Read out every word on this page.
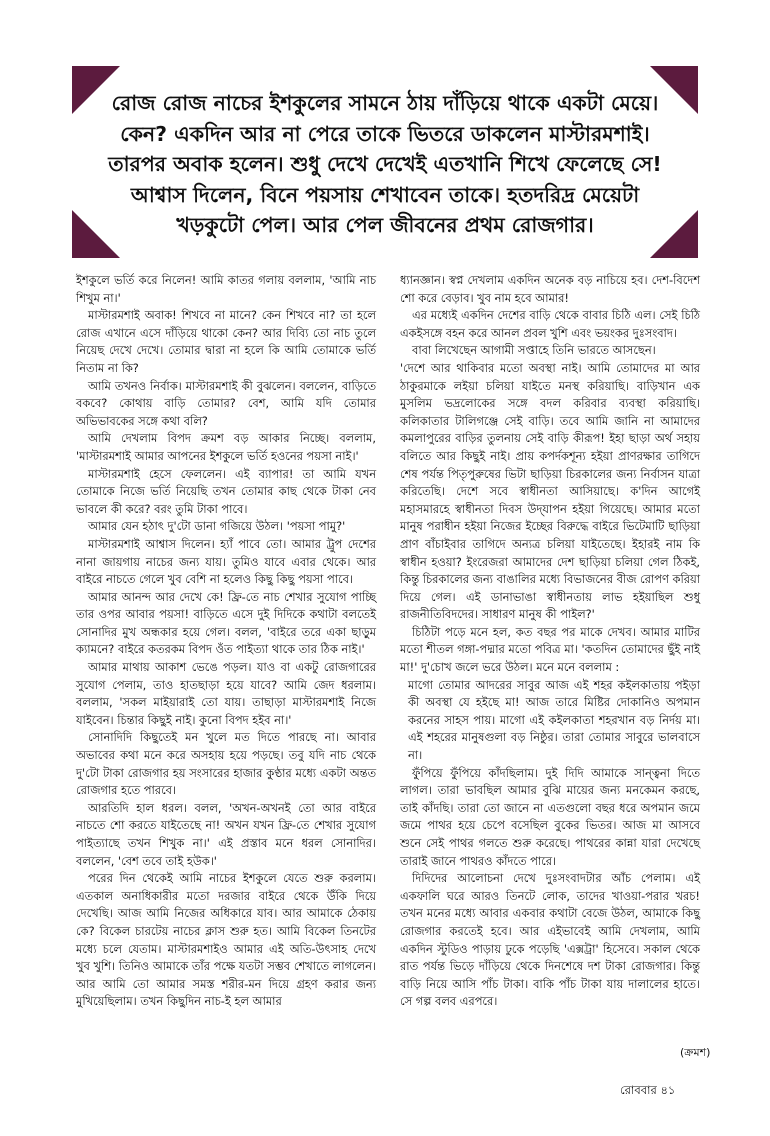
রোজ রোজ নাচের ইশকুলের সামনে ঠায় দাঁড়িয়ে থাকে একটা মেয়ে। কেন? একদিন আর না পেরে তাকে ভিতরে ডাকলেন মাস্টারমশাই। তারপর অবাক হলেন। শুধু দেখে দেখেই এতখানি শিখে ফেলেছে সে! আশ্বাস দিলেন, বিনে পয়সায় শেখাবেন তাকে। হতদরিদ্র মেয়েটা খড়কুটো পেল। আর পেল জীবনের প্রথম রোজগার।

ইশকুলে ভর্তি করে নিলেন! আমি কাতর গলায় বললাম, 'আমি নাচ শিখুম না।'

মাস্টারমশাই অবাক! শিখবে না মানে? কেন শিখবে না? তা হলে রোজ এখানে এসে দাঁড়িয়ে থাকো কেন? আর দিব্যি তো নাচ তুলে নিয়েছ দেখে দেখে। তোমার দ্বারা না হলে কি আমি তোমাকে ভর্তি নিতাম না কি?

আমি তখনও নির্বাক। মাস্টারমশাই কী বুঝলেন। বললেন, বাড়িতে বকবে? কোথায় বাড়ি তোমার? বেশ, আমি যদি তোমার অভিভাবকের সঙ্গে কথা বলি?

আমি দেখলাম বিপদ ক্রমশ বড় আকার নিচ্ছে। বললাম, 'মাস্টারমশাই আমার আপনের ইশকুলে ভর্তি হওনের পয়সা নাই।'

মাস্টারমশাই হেসে ফেললেন। এই ব্যাপার! তা আমি যখন তোমাকে নিজে ভর্তি নিয়েছি তখন তোমার কাছ থেকে টাকা নেব ভাবলে কী করে? বরং তুমি টাকা পাবে।

আমার যেন হঠাৎ দু'টো ডানা গজিয়ে উঠল। 'পয়সা পামু?'

মাস্টারমশাই আশ্বাস দিলেন। হ্যাঁ পাবে তো। আমার ট্রুপ দেশের নানা জায়গায় নাচের জন্য যায়। তুমিও যাবে এবার থেকে। আর বাইরে নাচতে গেলে খুব বেশি না হলেও কিছু কিছু পয়সা পাবে।

আমার আনন্দ আর দেখে কে! ফ্রি-তে নাচ শেখার সুযোগ পাচ্ছি তার ওপর আবার পয়সা! বাড়িতে এসে দুই দিদিকে কথাটা বলতেই সোনাদির মুখ অন্ধকার হয়ে গেল। বলল, 'বাইরে তরে একা ছাড়ুম ক্যামনে? বাইরে কতরকম বিপদ ওঁত পাইত্যা থাকে তার ঠিক নাই।'

আমার মাথায় আকাশ ভেঙে পড়ল। যাও বা একটু রোজগারের সুযোগ পেলাম, তাও হাতছাড়া হয়ে যাবে? আমি জেদ ধরলাম। বললাম, 'সকল মাইয়ারাই তো যায়। তাছাড়া মাস্টারমশাই নিজে যাইবেন। চিন্তার কিছুই নাই। কুনো বিপদ হইব না।'

সোনাদিদি কিছুতেই মন খুলে মত দিতে পারছে না। আবার অভাবের কথা মনে করে অসহায় হয়ে পড়ছে। তবু যদি নাচ থেকে দু'টো টাকা রোজগার হয় সংসারের হাজার কুণ্ঠার মধ্যে একটা অন্তত রোজগার হতে পারবে।

আরতিদি হাল ধরল। বলল, 'অখন-অখনই তো আর বাইরে নাচতে শো করতে যাইতেছে না! অখন যখন ফ্রি-তে শেখার সুযোগ পাইত্যাছে তখন শিখুক না।' এই প্রস্তাব মনে ধরল সোনাদির। বললেন, 'বেশ তবে তাই হউক।'

পরের দিন থেকেই আমি নাচের ইশকুলে যেতে শুরু করলাম। এতকাল অনাধিকারীর মতো দরজার বাইরে থেকে উঁকি দিয়ে দেখেছি। আজ আমি নিজের অধিকারে যাব। আর আমাকে ঠেকায় কে? বিকেল চারটেয় নাচের ক্লাস শুরু হত। আমি বিকেল তিনটের মধ্যে চলে যেতাম। মাস্টারমশাইও আমার এই অতি-উৎসাহ দেখে খুব খুশি। তিনিও আমাকে তাঁর পক্ষে যতটা সম্ভব শেখাতে লাগলেন। আর আমি তো আমার সমস্ত শরীর-মন দিয়ে গ্রহণ করার জন্য মুখিয়েছিলাম। তখন কিছুদিন নাচ-ই হল আমার

ধ্যানজ্ঞান। স্বপ্ন দেখলাম একদিন অনেক বড় নাচিয়ে হব। দেশ-বিদেশ শো করে বেড়াব। খুব নাম হবে আমার!

এর মধ্যেই একদিন দেশের বাড়ি থেকে বাবার চিঠি এল। সেই চিঠি একইসঙ্গে বহন করে আনল প্রবল খুশি এবং ভয়ংকর দুঃসংবাদ।

বাবা লিখেছেন আগামী সপ্তাহে তিনি ভারতে আসছেন।

'দেশে আর থাকিবার মতো অবস্থা নাই। আমি তোমাদের মা আর ঠাকুরমাকে লইয়া চলিয়া যাইতে মনস্থ করিয়াছি। বাড়িখান এক মুসলিম ভদ্রলোকের সঙ্গে বদল করিবার ব্যবস্থা করিয়াছি। কলিকাতার টালিগঞ্জে সেই বাড়ি। তবে আমি জানি না আমাদের কমলাপুরের বাড়ির তুলনায় সেই বাড়ি কীরূপ! ইহা ছাড়া অর্থ সহায় বলিতে আর কিছুই নাই। প্রায় কপর্দকশূন্য হইয়া প্রাণরক্ষার তাগিদে শেষ পর্যন্ত পিতৃপুরুষের ভিটা ছাড়িয়া চিরকালের জন্য নির্বাসন যাত্রা করিতেছি। দেশে সবে স্বাধীনতা আসিয়াছে। ক'দিন আগেই মহাসমারহে স্বাধীনতা দিবস উদ্‌যাপন হইয়া গিয়েছে। আমার মতো মানুষ পরাধীন হইয়া নিজের ইচ্ছের বিরুদ্ধে বাইরে ভিটেমাটি ছাড়িয়া প্রাণ বাঁচাইবার তাগিদে অন্যত্র চলিয়া যাইতেছে। ইহারই নাম কি স্বাধীন হওয়া? ইংরেজরা আমাদের দেশ ছাড়িয়া চলিয়া গেল ঠিকই, কিন্তু চিরকালের জন্য বাঙালির মধ্যে বিভাজনের বীজ রোপণ করিয়া দিয়ে গেল। এই ডানাভাঙা স্বাধীনতায় লাভ হইয়াছিল শুধু রাজনীতিবিদদের। সাধারণ মানুষ কী পাইল?'

চিঠিটা পড়ে মনে হল, কত বছর পর মাকে দেখব। আমার মাটির মতো শীতল গঙ্গা-পদ্মার মতো পবিত্র মা। 'কতদিন তোমাদের ছুঁই নাই মা!' দু'চোখ জলে ভরে উঠল। মনে মনে বললাম :

মাগো তোমার আদরের সাবুর আজ এই শহর কইলকাতায় পইড়া কী অবস্থা যে হইছে মা! আজ তারে মিষ্টির দোকানিও অপমান করনের সাহস পায়। মাগো এই কইলকাতা শহরখান বড় নির্দয় মা। এই শহরের মানুষগুলা বড় নিষ্ঠুর। তারা তোমার সাবুরে ভালবাসে না।

ফুঁপিয়ে ফুঁপিয়ে কাঁদছিলাম। দুই দিদি আমাকে সান্ত্বনা দিতে লাগল। তারা ভাবছিল আমার বুঝি মায়ের জন্য মনকেমন করছে, তাই কাঁদছি। তারা তো জানে না এতগুলো বছর ধরে অপমান জমে জমে পাথর হয়ে চেপে বসেছিল বুকের ভিতর। আজ মা আসবে শুনে সেই পাথর গলতে শুরু করেছে। পাথরের কান্না যারা দেখেছে তারাই জানে পাথরও কাঁদতে পারে।

দিদিদের আলোচনা দেখে দুঃসংবাদটার আঁচ পেলাম। এই একফালি ঘরে আরও তিনটে লোক, তাদের খাওয়া-পরার খরচ! তখন মনের মধ্যে আবার একবার কথাটা বেজে উঠল, আমাকে কিছু রোজগার করতেই হবে। আর এইভাবেই আমি দেখলাম, আমি একদিন স্টুডিও পাড়ায় ঢুকে পড়েছি 'এক্সট্রা' হিসেবে। সকাল থেকে রাত পর্যন্ত ভিড়ে দাঁড়িয়ে থেকে দিনশেষে দশ টাকা রোজগার। কিন্তু বাড়ি নিয়ে আসি পাঁচ টাকা। বাকি পাঁচ টাকা যায় দালালের হাতে। সে গল্প বলব এরপরে।

(ক্রমশ)
রোববার ৪১
